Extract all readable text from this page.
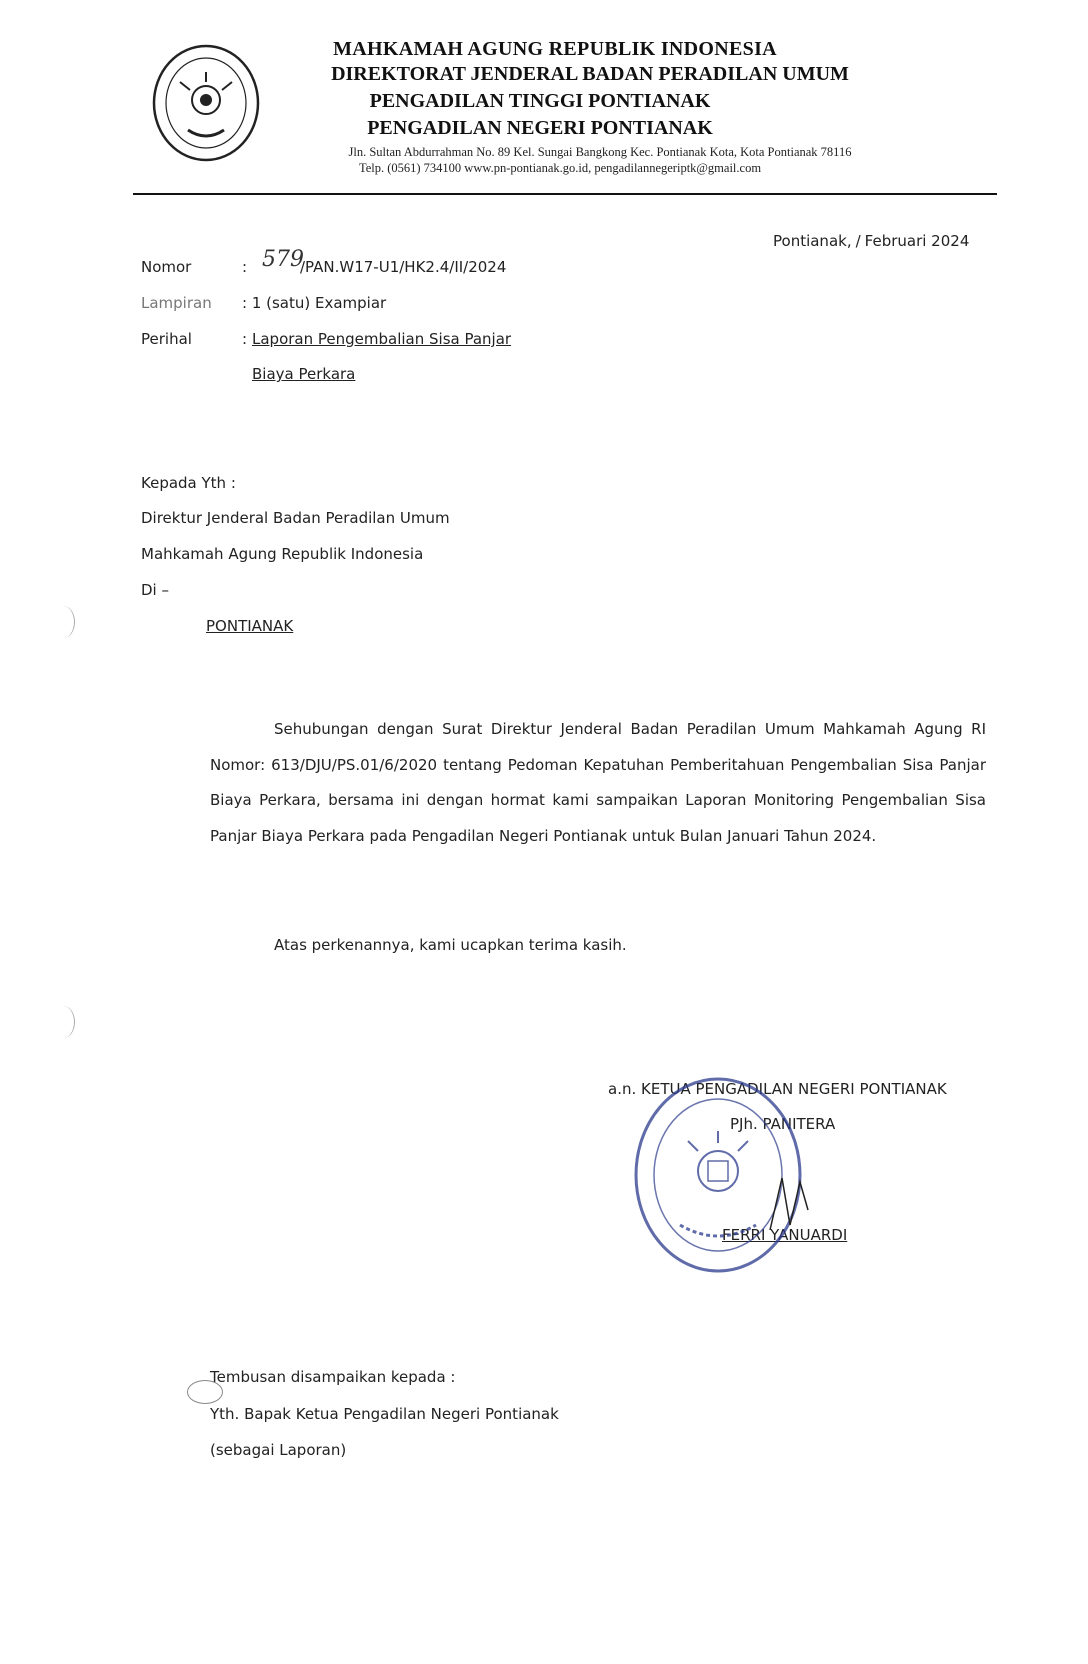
MAHKAMAH AGUNG REPUBLIK INDONESIA
DIREKTORAT JENDERAL BADAN PERADILAN UMUM
PENGADILAN TINGGI PONTIANAK
PENGADILAN NEGERI PONTIANAK
Jln. Sultan Abdurrahman No. 89 Kel. Sungai Bangkong Kec. Pontianak Kota, Kota Pontianak 78116
Telp. (0561) 734100 www.pn-pontianak.go.id, pengadilannegeriptk@gmail.com
Pontianak, / Februari 2024
Nomor	: 579
/PAN.W17-U1/HK2.4/II/2024
Lampiran : 1 (satu) Exampiar
Perihal	: Laporan Pengembalian Sisa Panjar
Biaya Perkara
Kepada Yth :
Direktur Jenderal Badan Peradilan Umum
Mahkamah Agung Republik Indonesia
Di –
PONTIANAK
Sehubungan dengan Surat Direktur Jenderal Badan Peradilan Umum Mahkamah Agung RI Nomor: 613/DJU/PS.01/6/2020 tentang Pedoman Kepatuhan Pemberitahuan Pengembalian Sisa Panjar Biaya Perkara, bersama ini dengan hormat kami sampaikan Laporan Monitoring Pengembalian Sisa Panjar Biaya Perkara pada Pengadilan Negeri Pontianak untuk Bulan Januari Tahun 2024.
Atas perkenannya, kami ucapkan terima kasih.
a.n. KETUA PENGADILAN NEGERI PONTIANAK
PJh. PANITERA
FERRI YANUARDI
Tembusan disampaikan kepada :
Yth. Bapak Ketua Pengadilan Negeri Pontianak
(sebagai Laporan)
